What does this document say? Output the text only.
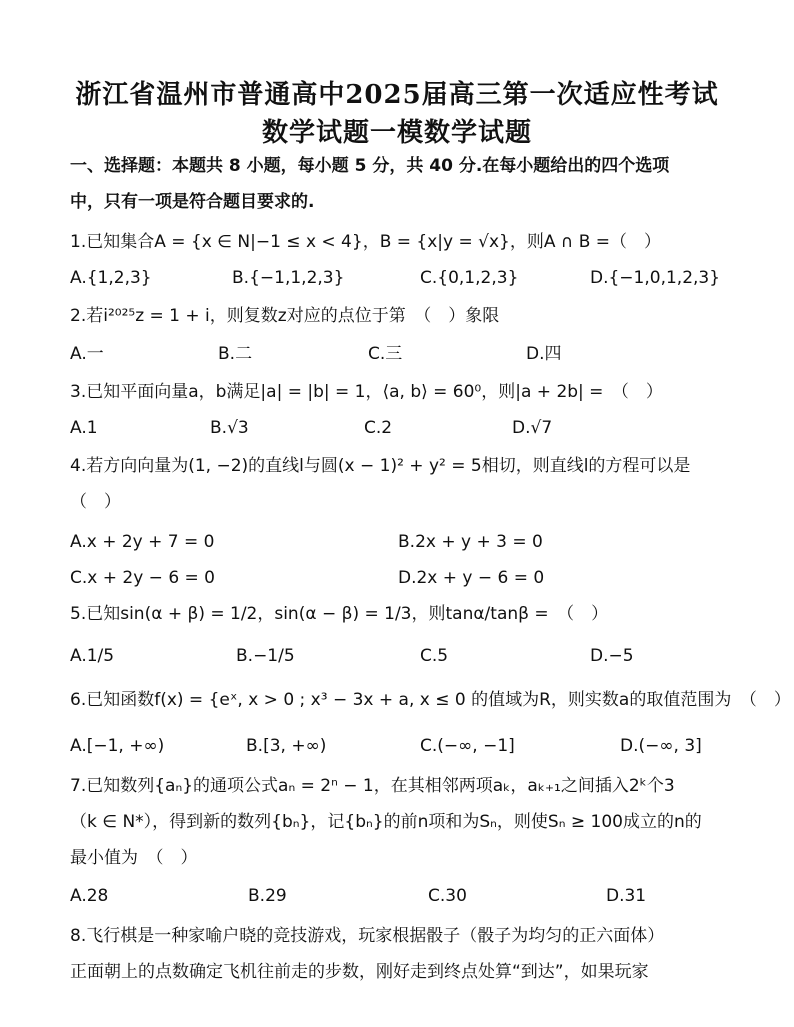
浙江省温州市普通高中2025届高三第一次适应性考试
数学试题一模数学试题
一、选择题：本题共 8 小题，每小题 5 分，共 40 分.在每小题给出的四个选项
中，只有一项是符合题目要求的.
1.已知集合A = {x ∈ N|−1 ≤ x < 4}，B = {x|y = √x}，则A ∩ B =（　）
A.{1,2,3}	B.{−1,1,2,3}	C.{0,1,2,3}	D.{−1,0,1,2,3}
2.若i²⁰²⁵z = 1 + i，则复数z对应的点位于第　（　）象限
A.一	B.二	C.三	D.四
3.已知平面向量a，b满足|a| = |b| = 1，⟨a, b⟩ = 60⁰，则|a + 2b| =　（　）
A.1	B.√3	C.2	D.√7
4.若方向向量为(1, −2)的直线l与圆(x − 1)² + y² = 5相切，则直线l的方程可以是
（　）
A.x + 2y + 7 = 0	B.2x + y + 3 = 0
C.x + 2y − 6 = 0	D.2x + y − 6 = 0
5.已知sin(α + β) = 1/2，sin(α − β) = 1/3，则tanα/tanβ =　（　）
A.1/5	B.−1/5	C.5	D.−5
6.已知函数f(x) = {eˣ, x > 0 ; x³ − 3x + a, x ≤ 0 的值域为R，则实数a的取值范围为　（　）
A.[−1, +∞)	B.[3, +∞)	C.(−∞, −1]	D.(−∞, 3]
7.已知数列{aₙ}的通项公式aₙ = 2ⁿ − 1，在其相邻两项aₖ，aₖ₊₁之间插入2ᵏ个3
（k ∈ N*），得到新的数列{bₙ}，记{bₙ}的前n项和为Sₙ，则使Sₙ ≥ 100成立的n的
最小值为　（　）
A.28	B.29	C.30	D.31
8.飞行棋是一种家喻户晓的竞技游戏，玩家根据骰子（骰子为均匀的正六面体）
正面朝上的点数确定飞机往前走的步数，刚好走到终点处算“到达”，如果玩家
